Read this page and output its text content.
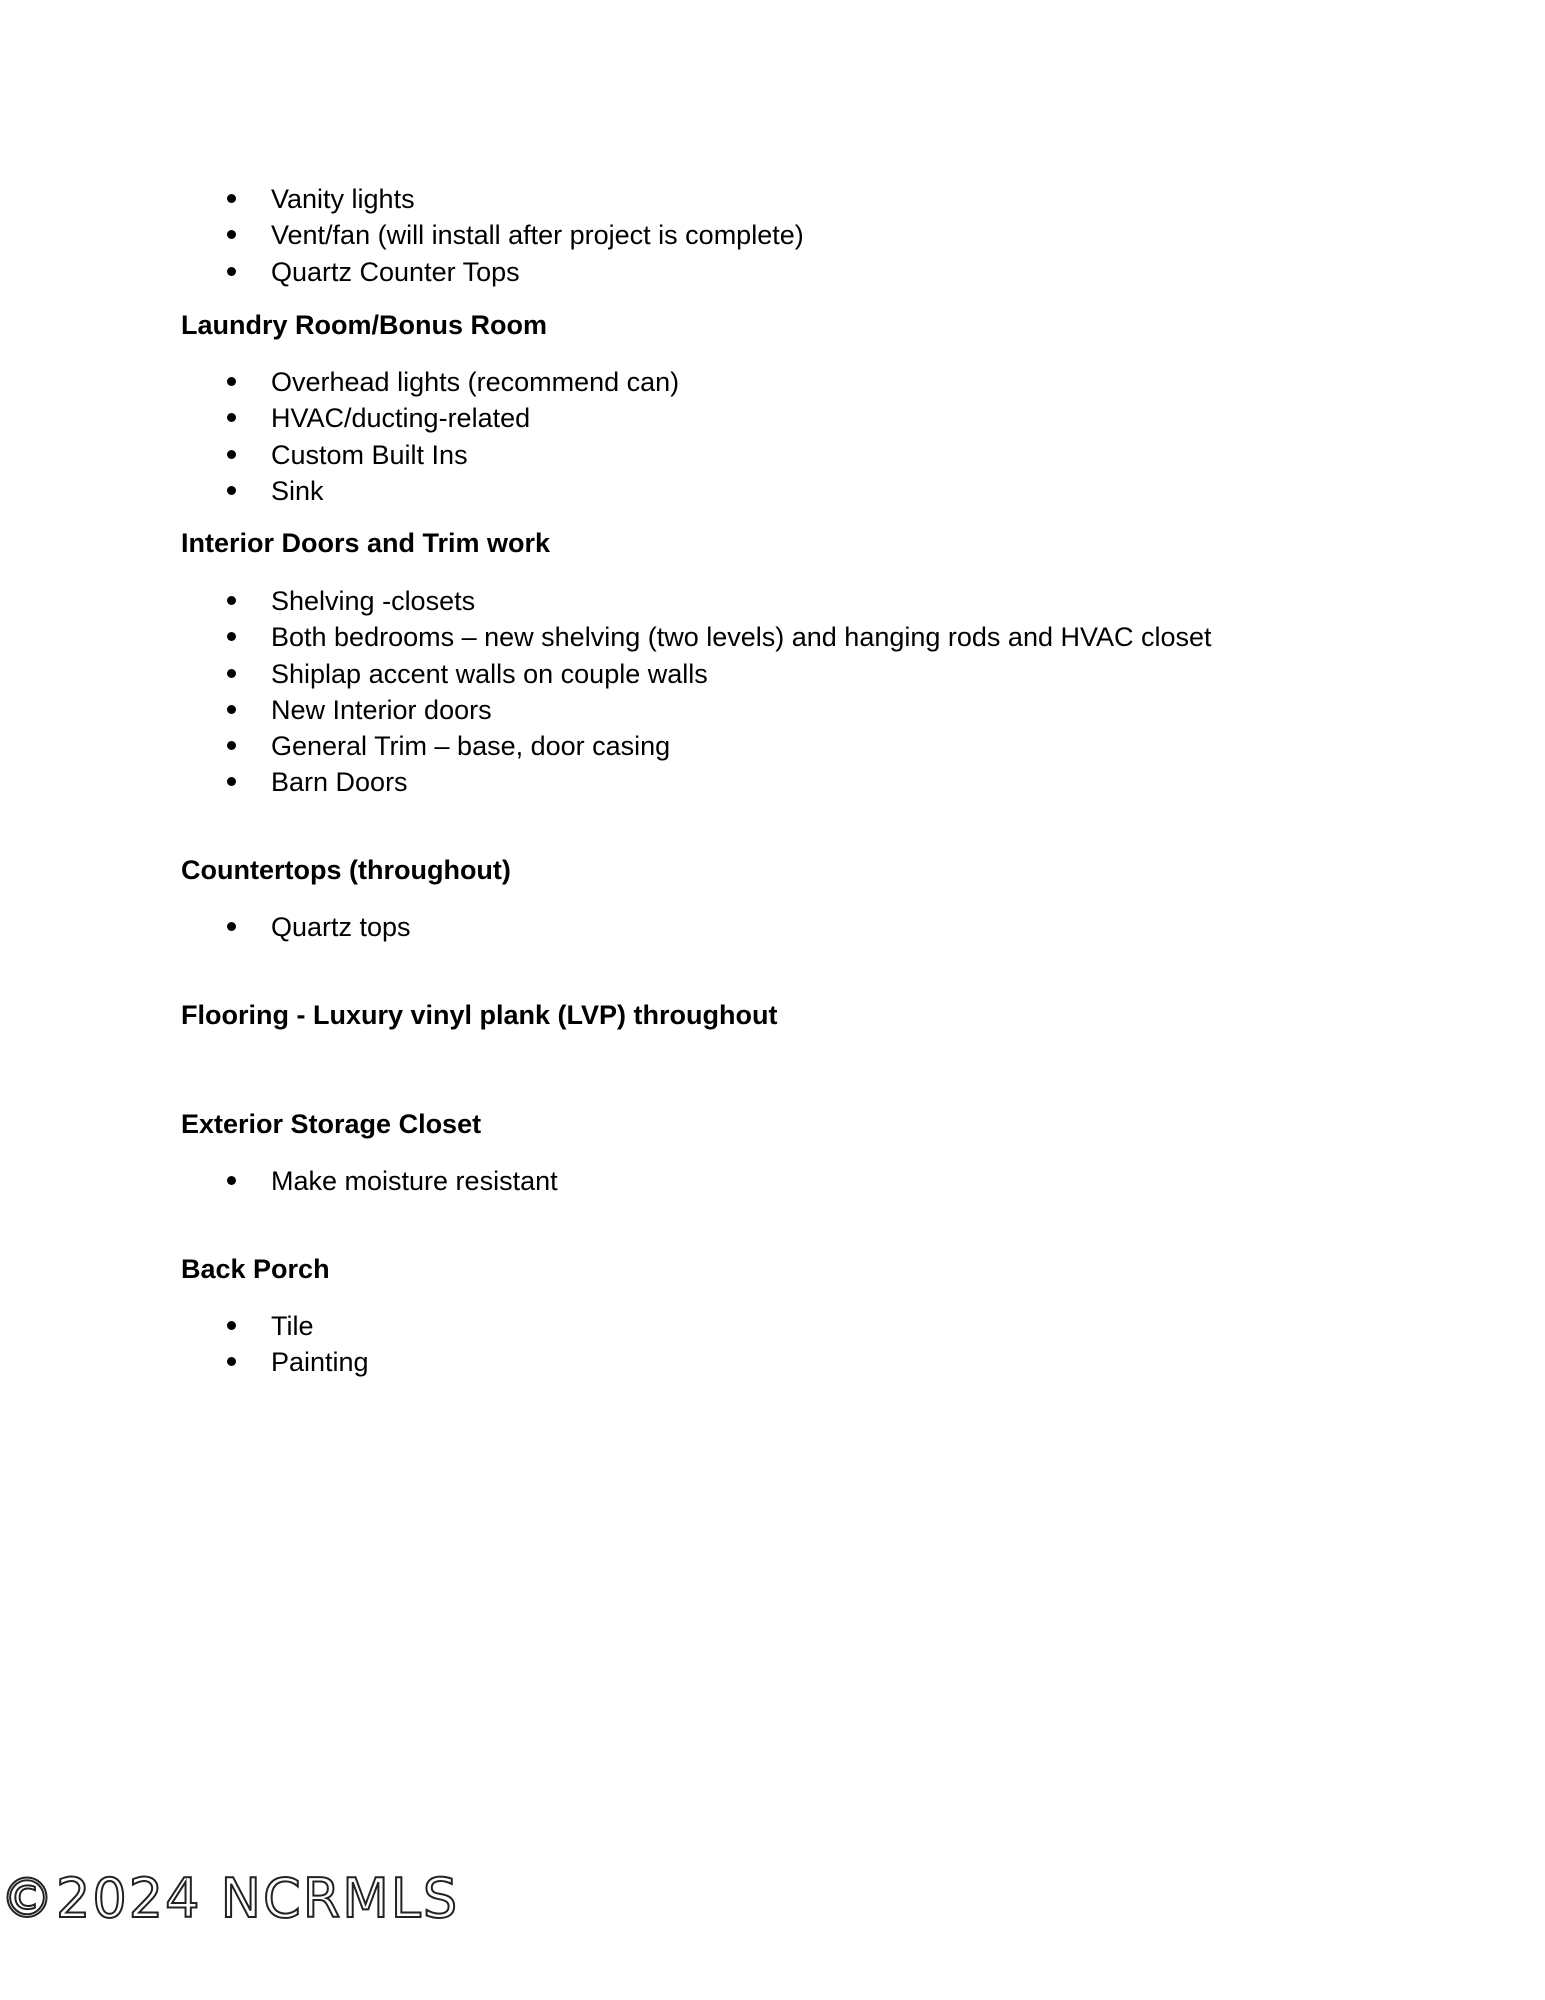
Vanity lights
Vent/fan (will install after project is complete)
Quartz Counter Tops
Laundry Room/Bonus Room
Overhead lights (recommend can)
HVAC/ducting-related
Custom Built Ins
Sink
Interior Doors and Trim work
Shelving -closets
Both bedrooms – new shelving (two levels) and hanging rods and HVAC closet
Shiplap accent walls on couple walls
New Interior doors
General Trim – base, door casing
Barn Doors
Countertops (throughout)
Quartz tops
Flooring - Luxury vinyl plank (LVP) throughout
Exterior Storage Closet
Make moisture resistant
Back Porch
Tile
Painting
©2024 NCRMLS
